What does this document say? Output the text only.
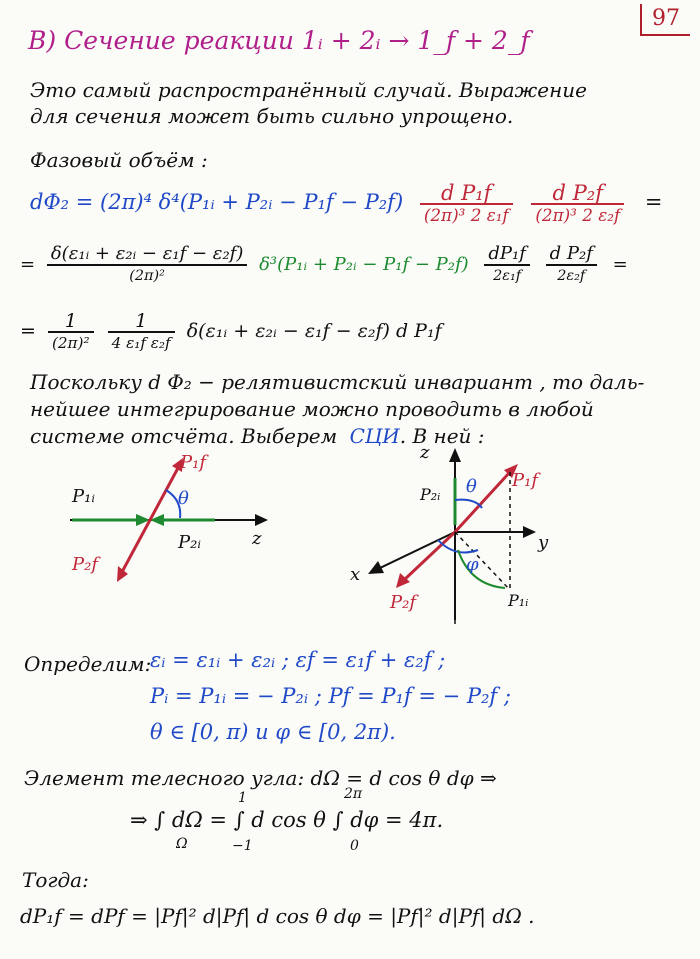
97
B) Сечение реакции 1ᵢ + 2ᵢ → 1_f + 2_f
Это самый распространённый случай. Выражение
для сечения может быть сильно упрощено.
Фазовый объём :
dΦ₂ = (2π)⁴ δ⁴(P₁ᵢ + P₂ᵢ − $P_1f - P_2f) \frac{\text{d P₁f}}{\text{(2π)³ 2 ε₁f}}$
$\frac{\text{d P₂f}}{\text{(2π)³ 2 ε₂f}}$ =
= $\frac{\text{δ(ε₁ᵢ + ε₂ᵢ − ε₁f − ε₂f)}}{\text{(2π)²}}$ δ³(P₁ᵢ + P₂ᵢ − $P_1f - P_2f) \frac{\text{dP₁f}}{\text{2ε₁f}}$
$\frac{\text{d P₂f}}{\text{2ε₂f}}$ =
= $\frac{1}{\text{(2π)²}}$
$\frac{1}{\text{4 ε₁f ε₂f}}$ δ(ε₁ᵢ + ε₂ᵢ − ε₁f − ε₂f) d P₁f
Поскольку d Φ₂ − релятивистский инвариант , то даль-
нейшее интегрирование можно проводить в любой
системе отсчёта. Выберем СЦИ. В ней :
P₁ᵢ
P₁f
P₂f
P₂ᵢ
θ
z
z
x
y
P₂ᵢ
P₁f
P₂f	P₁ᵢ
θ
φ
Определим:
εᵢ = ε₁ᵢ + ε₂ᵢ ; εf = ε₁f + ε₂f ;
Pᵢ = P₁ᵢ = − P₂ᵢ ; Pf = P₁f = − P₂f ;
θ ∈ [0, π) и φ ∈ [0, 2π).
Элемент телесного угла: dΩ = d cos θ dφ ⇒
⇒ ∫ dΩ = ∫ d cos θ ∫ dφ = 4π.
Ω
1
−1
2π
0
Тогда:
dP₁f = dPf = |Pf|² d|Pf| d cos θ dφ = |Pf|² d|Pf| dΩ .
